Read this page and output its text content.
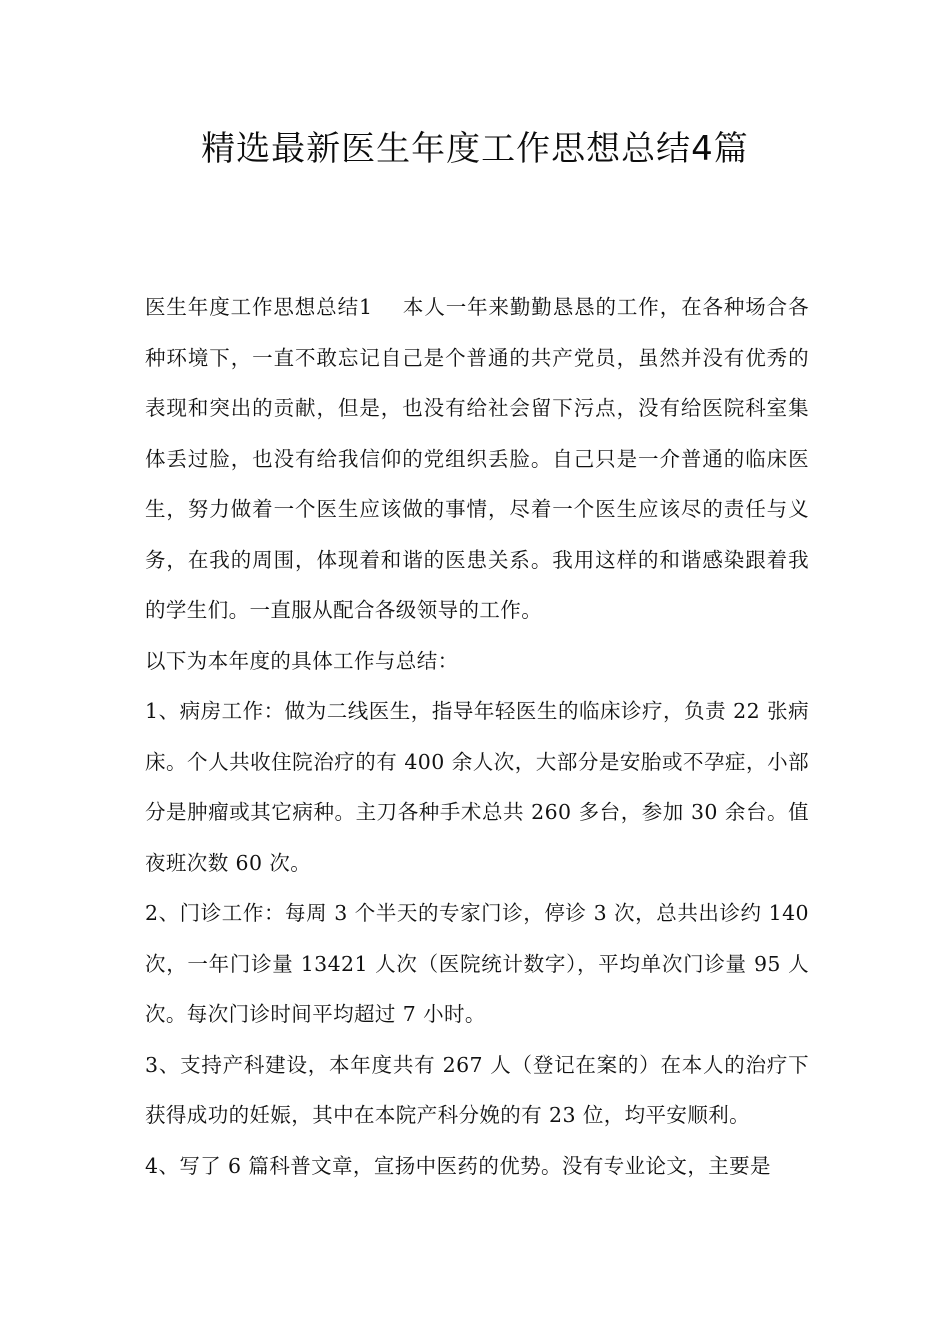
精选最新医生年度工作思想总结4篇

医生年度工作思想总结1 本人一年来勤勤恳恳的工作，在各种场合各种环境下，一直不敢忘记自己是个普通的共产党员，虽然并没有优秀的表现和突出的贡献，但是，也没有给社会留下污点，没有给医院科室集体丢过脸，也没有给我信仰的党组织丢脸。自己只是一介普通的临床医生，努力做着一个医生应该做的事情，尽着一个医生应该尽的责任与义务，在我的周围，体现着和谐的医患关系。我用这样的和谐感染跟着我的学生们。一直服从配合各级领导的工作。

以下为本年度的具体工作与总结：

1、病房工作：做为二线医生，指导年轻医生的临床诊疗，负责 22 张病床。个人共收住院治疗的有 400 余人次，大部分是安胎或不孕症，小部分是肿瘤或其它病种。主刀各种手术总共 260 多台，参加 30 余台。值夜班次数 60 次。

2、门诊工作：每周 3 个半天的专家门诊，停诊 3 次，总共出诊约 140 次，一年门诊量 13421 人次（医院统计数字），平均单次门诊量 95 人次。每次门诊时间平均超过 7 小时。

3、支持产科建设，本年度共有 267 人（登记在案的）在本人的治疗下获得成功的妊娠，其中在本院产科分娩的有 23 位，均平安顺利。

4、写了 6 篇科普文章，宣扬中医药的优势。没有专业论文，主要是
